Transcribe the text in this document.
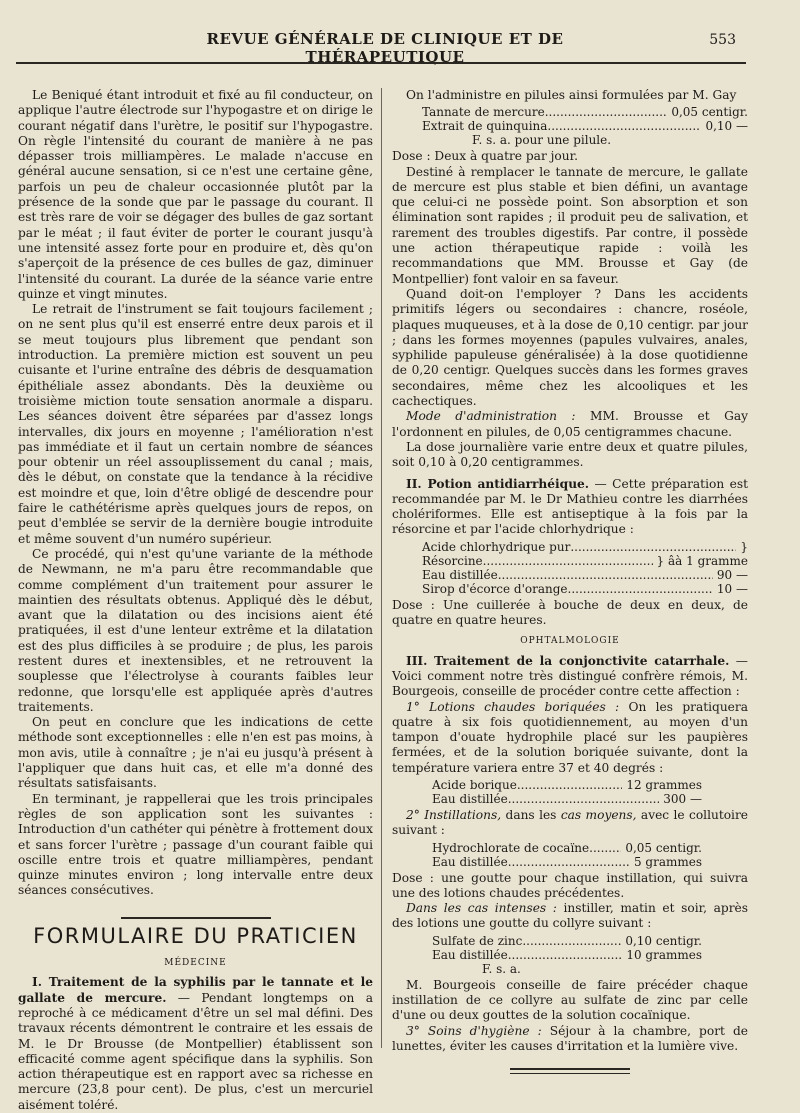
REVUE GÉNÉRALE DE CLINIQUE ET DE THÉRAPEUTIQUE
553

Le Beniqué étant introduit et fixé au fil conducteur, on applique l'autre électrode sur l'hypogastre et on dirige le courant négatif dans l'urètre, le positif sur l'hypogastre. On règle l'intensité du courant de manière à ne pas dépasser trois milliampères. Le malade n'accuse en général aucune sensation, si ce n'est une certaine gêne, parfois un peu de chaleur occasionnée plutôt par la présence de la sonde que par le passage du courant. Il est très rare de voir se dégager des bulles de gaz sortant par le méat ; il faut éviter de porter le courant jusqu'à une intensité assez forte pour en produire et, dès qu'on s'aperçoit de la présence de ces bulles de gaz, diminuer l'intensité du courant. La durée de la séance varie entre quinze et vingt minutes.

Le retrait de l'instrument se fait toujours facilement ; on ne sent plus qu'il est enserré entre deux parois et il se meut toujours plus librement que pendant son introduction. La première miction est souvent un peu cuisante et l'urine entraîne des débris de desquamation épithéliale assez abondants. Dès la deuxième ou troisième miction toute sensation anormale a disparu. Les séances doivent être séparées par d'assez longs intervalles, dix jours en moyenne ; l'amélioration n'est pas immédiate et il faut un certain nombre de séances pour obtenir un réel assouplissement du canal ; mais, dès le début, on constate que la tendance à la récidive est moindre et que, loin d'être obligé de descendre pour faire le cathétérisme après quelques jours de repos, on peut d'emblée se servir de la dernière bougie introduite et même souvent d'un numéro supérieur.

Ce procédé, qui n'est qu'une variante de la méthode de Newmann, ne m'a paru être recommandable que comme complément d'un traitement pour assurer le maintien des résultats obtenus. Appliqué dès le début, avant que la dilatation ou des incisions aient été pratiquées, il est d'une lenteur extrême et la dilatation est des plus difficiles à se produire ; de plus, les parois restent dures et inextensibles, et ne retrouvent la souplesse que l'électrolyse à courants faibles leur redonne, que lorsqu'elle est appliquée après d'autres traitements.

On peut en conclure que les indications de cette méthode sont exceptionnelles : elle n'en est pas moins, à mon avis, utile à connaître ; je n'ai eu jusqu'à présent à l'appliquer que dans huit cas, et elle m'a donné des résultats satisfaisants.

En terminant, je rappellerai que les trois principales règles de son application sont les suivantes : Introduction d'un cathéter qui pénètre à frottement doux et sans forcer l'urètre ; passage d'un courant faible qui oscille entre trois et quatre milliampères, pendant quinze minutes environ ; long intervalle entre deux séances consécutives.

FORMULAIRE DU PRATICIEN
MÉDECINE

I. Traitement de la syphilis par le tannate et le gallate de mercure. — Pendant longtemps on a reproché à ce médicament d'être un sel mal défini. Des travaux récents démontrent le contraire et les essais de M. le Dr Brousse (de Montpellier) établissent son efficacité comme agent spécifique dans la syphilis. Son action thérapeutique est en rapport avec sa richesse en mercure (23,8 pour cent). De plus, c'est un mercuriel aisément toléré.

On l'administre en pilules ainsi formulées par M. Gay

Tannate de mercure .....	0,05 centigr.
Extrait de quinquina .....	0,10 —
F. s. a. pour une pilule.

Dose : Deux à quatre par jour.

Destiné à remplacer le tannate de mercure, le gallate de mercure est plus stable et bien défini, un avantage que celui-ci ne possède point. Son absorption et son élimination sont rapides ; il produit peu de salivation, et rarement des troubles digestifs. Par contre, il possède une action thérapeutique rapide : voilà les recommandations que MM. Brousse et Gay (de Montpellier) font valoir en sa faveur.

Quand doit-on l'employer ? Dans les accidents primitifs légers ou secondaires : chancre, roséole, plaques muqueuses, et à la dose de 0,10 centigr. par jour ; dans les formes moyennes (papules vulvaires, anales, syphilide papuleuse généralisée) à la dose quotidienne de 0,20 centigr. Quelques succès dans les formes graves secondaires, même chez les alcooliques et les cachectiques.

Mode d'administration : MM. Brousse et Gay l'ordonnent en pilules, de 0,05 centigrammes chacune.

La dose journalière varie entre deux et quatre pilules, soit 0,10 à 0,20 centigrammes.

II. Potion antidiarrhéique. — Cette préparation est recommandée par M. le Dr Mathieu contre les diarrhées cholériformes. Elle est antiseptique à la fois par la résorcine et par l'acide chlorhydrique :

Acide chlorhydrique pur .....	}
Résorcine .....	} âà 1 gramme
Eau distillée .....	90 —
Sirop d'écorce d'orange .....	10 —

Dose : Une cuillerée à bouche de deux en deux, de quatre en quatre heures.

OPHTALMOLOGIE

III. Traitement de la conjonctivite catarrhale. — Voici comment notre très distingué confrère rémois, M. Bourgeois, conseille de procéder contre cette affection :

1° Lotions chaudes boriquées : On les pratiquera quatre à six fois quotidiennement, au moyen d'un tampon d'ouate hydrophile placé sur les paupières fermées, et de la solution boriquée suivante, dont la température variera entre 37 et 40 degrés :

Acide borique .....	12 grammes
Eau distillée .....	300 —

2° Instillations, dans les cas moyens, avec le collutoire suivant :

Hydrochlorate de cocaïne .....	0,05 centigr.
Eau distillée .....	5 grammes

Dose : une goutte pour chaque instillation, qui suivra une des lotions chaudes précédentes.

Dans les cas intenses : instiller, matin et soir, après des lotions une goutte du collyre suivant :

Sulfate de zinc .....	0,10 centigr.
Eau distillée .....	10 grammes
F. s. a.

M. Bourgeois conseille de faire précéder chaque instillation de ce collyre au sulfate de zinc par celle d'une ou deux gouttes de la solution cocaïnique.

3° Soins d'hygiène : Séjour à la chambre, port de lunettes, éviter les causes d'irritation et la lumière vive.
